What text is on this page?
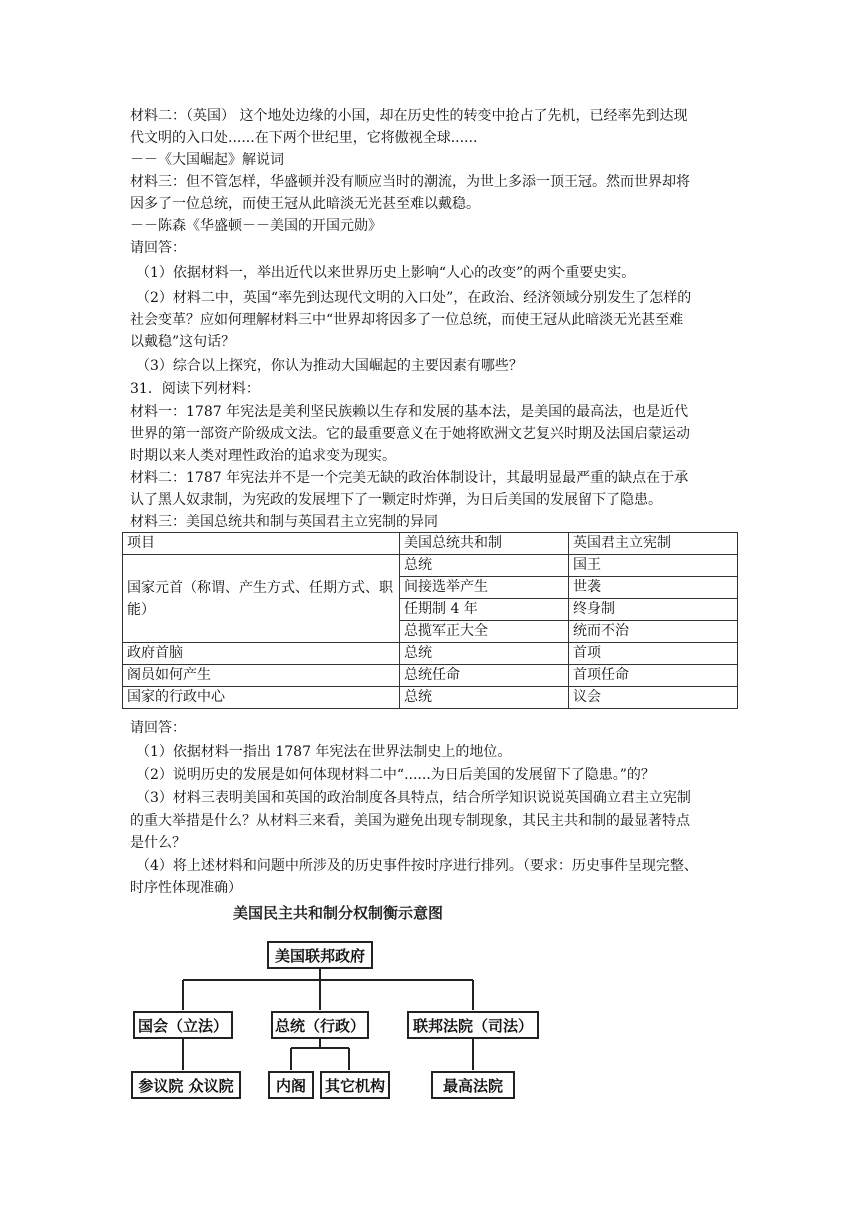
材料二：（英国） 这个地处边缘的小国，却在历史性的转变中抢占了先机，已经率先到达现
代文明的入口处......在下两个世纪里，它将傲视全球......
－－《大国崛起》解说词
材料三：但不管怎样，华盛顿并没有顺应当时的潮流，为世上多添一顶王冠。然而世界却将
因多了一位总统，而使王冠从此暗淡无光甚至难以戴稳。
－－陈森《华盛顿－－美国的开国元勋》
请回答：
（1）依据材料一，举出近代以来世界历史上影响“人心的改变”的两个重要史实。
（2）材料二中，英国“率先到达现代文明的入口处”，在政治、经济领域分别发生了怎样的
社会变革？应如何理解材料三中“世界却将因多了一位总统，而使王冠从此暗淡无光甚至难
以戴稳”这句话？
（3）综合以上探究，你认为推动大国崛起的主要因素有哪些？
31．阅读下列材料：
材料一：1787 年宪法是美利坚民族赖以生存和发展的基本法，是美国的最高法，也是近代
世界的第一部资产阶级成文法。它的最重要意义在于她将欧洲文艺复兴时期及法国启蒙运动
时期以来人类对理性政治的追求变为现实。
材料二：1787 年宪法并不是一个完美无缺的政治体制设计，其最明显最严重的缺点在于承
认了黑人奴隶制，为宪政的发展埋下了一颗定时炸弹，为日后美国的发展留下了隐患。
材料三：美国总统共和制与英国君主立宪制的异同
项目	美国总统共和制	英国君主立宪制
国家元首（称谓、产生方式、任期方式、职能）	总统	国王
	间接选举产生	世袭
	任期制 4 年	终身制
	总揽军正大全	统而不治
政府首脑	总统	首项
阁员如何产生	总统任命	首项任命
国家的行政中心	总统	议会
请回答：
（1）依据材料一指出 1787 年宪法在世界法制史上的地位。
（2）说明历史的发展是如何体现材料二中“......为日后美国的发展留下了隐患。”的？
（3）材料三表明美国和英国的政治制度各具特点，结合所学知识说说英国确立君主立宪制
的重大举措是什么？从材料三来看，美国为避免出现专制现象，其民主共和制的最显著特点
是什么？
（4）将上述材料和问题中所涉及的历史事件按时序进行排列。（要求：历史事件呈现完整、
时序性体现准确）
美国民主共和制分权制衡示意图
美国联邦政府
国会（立法）	总统（行政）	联邦法院（司法）
参议院 众议院	内阁 其它机构	最高法院
